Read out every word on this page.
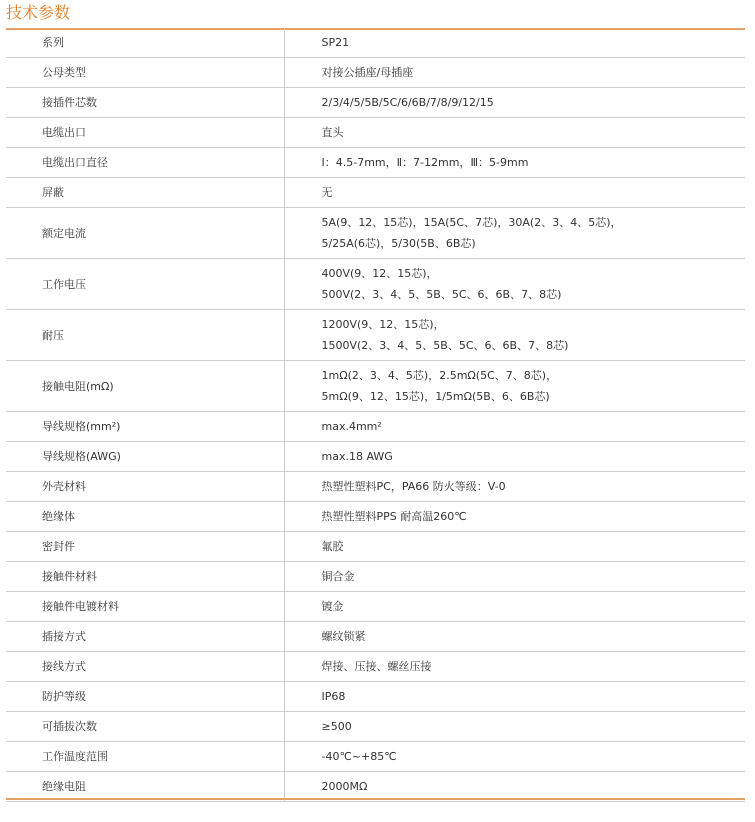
技术参数
系列	SP21

公母类型	对接公插座/母插座

接插件芯数	2/3/4/5/5B/5C/6/6B/7/8/9/12/15

电缆出口	直头

电缆出口直径	Ⅰ：4.5-7mm，Ⅱ：7-12mm，Ⅲ：5-9mm

屏蔽	无

额定电流	5A(9、12、15芯)，15A(5C、7芯)，30A(2、3、4、5芯)，
5/25A(6芯)，5/30(5B、6B芯)

工作电压	400V(9、12、15芯)，
500V(2、3、4、5、5B、5C、6、6B、7、8芯)

耐压	1200V(9、12、15芯)，
1500V(2、3、4、5、5B、5C、6、6B、7、8芯)

接触电阻(mΩ)	1mΩ(2、3、4、5芯)，2.5mΩ(5C、7、8芯)，
5mΩ(9、12、15芯)，1/5mΩ(5B、6、6B芯)

导线规格(mm²)	max.4mm²

导线规格(AWG)	max.18 AWG

外壳材料	热塑性塑料PC，PA66 防火等级：V-0

绝缘体	热塑性塑料PPS 耐高温260℃

密封件	氟胶

接触件材料	铜合金

接触件电镀材料	镀金

插接方式	螺纹锁紧

接线方式	焊接、压接、螺丝压接

防护等级	IP68

可插拔次数	≥500

工作温度范围	-40℃~+85℃

绝缘电阻	2000MΩ
